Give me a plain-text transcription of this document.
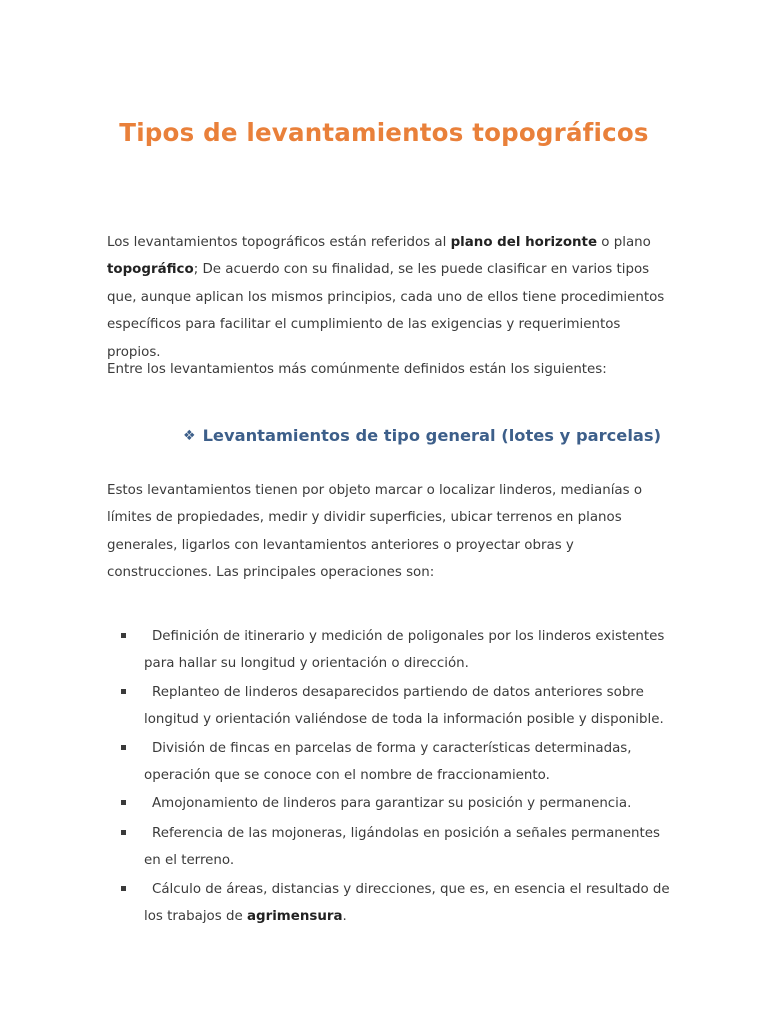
Tipos de levantamientos topográficos

Los levantamientos topográficos están referidos al plano del horizonte o plano topográfico; De acuerdo con su finalidad, se les puede clasificar en varios tipos que, aunque aplican los mismos principios, cada uno de ellos tiene procedimientos específicos para facilitar el cumplimiento de las exigencias y requerimientos propios.

Entre los levantamientos más comúnmente definidos están los siguientes:

❖ Levantamientos de tipo general (lotes y parcelas)

Estos levantamientos tienen por objeto marcar o localizar linderos, medianías o límites de propiedades, medir y dividir superficies, ubicar terrenos en planos generales, ligarlos con levantamientos anteriores o proyectar obras y construcciones. Las principales operaciones son:

Definición de itinerario y medición de poligonales por los linderos existentes para hallar su longitud y orientación o dirección.
Replanteo de linderos desaparecidos partiendo de datos anteriores sobre longitud y orientación valiéndose de toda la información posible y disponible.
División de fincas en parcelas de forma y características determinadas, operación que se conoce con el nombre de fraccionamiento.
Amojonamiento de linderos para garantizar su posición y permanencia.
Referencia de las mojoneras, ligándolas en posición a señales permanentes en el terreno.
Cálculo de áreas, distancias y direcciones, que es, en esencia el resultado de los trabajos de agrimensura.
